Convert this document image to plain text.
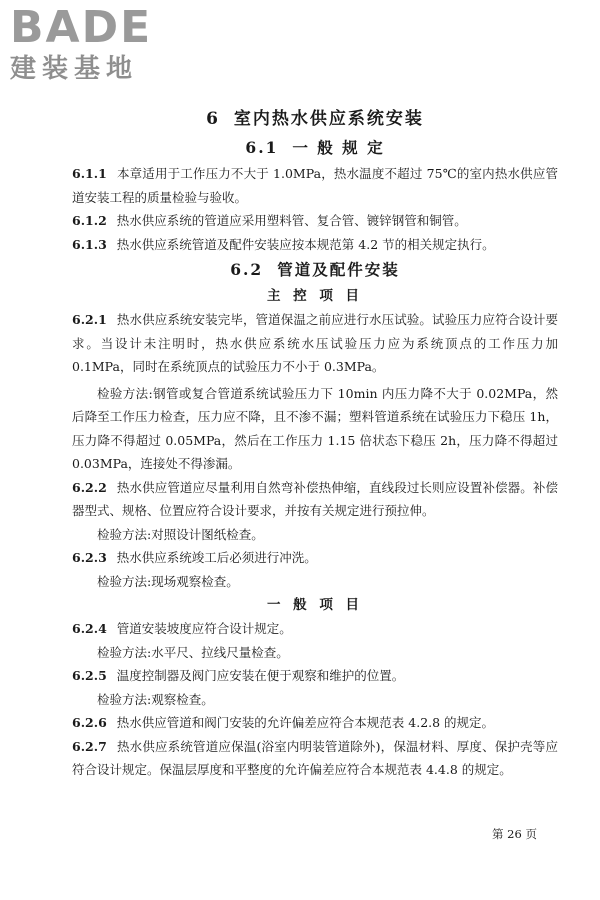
BADE
建装基地
6 室内热水供应系统安装
6.1 一 般 规 定

6.1.1 本章适用于工作压力不大于 1.0MPa，热水温度不超过 75℃的室内热水供应管道安装工程的质量检验与验收。

6.1.2 热水供应系统的管道应采用塑料管、复合管、镀锌钢管和铜管。

6.1.3 热水供应系统管道及配件安装应按本规范第 4.2 节的相关规定执行。

6.2 管道及配件安装
主 控 项 目

6.2.1 热水供应系统安装完毕，管道保温之前应进行水压试验。试验压力应符合设计要求。当设计未注明时，热水供应系统水压试验压力应为系统顶点的工作压力加 0.1MPa，同时在系统顶点的试验压力不小于 0.3MPa。

检验方法:钢管或复合管道系统试验压力下 10min 内压力降不大于 0.02MPa，然后降至工作压力检查，压力应不降，且不渗不漏；塑料管道系统在试验压力下稳压 1h，压力降不得超过 0.05MPa，然后在工作压力 1.15 倍状态下稳压 2h，压力降不得超过 0.03MPa，连接处不得渗漏。

6.2.2 热水供应管道应尽量利用自然弯补偿热伸缩，直线段过长则应设置补偿器。补偿器型式、规格、位置应符合设计要求，并按有关规定进行预拉伸。

检验方法:对照设计图纸检查。

6.2.3 热水供应系统竣工后必须进行冲洗。

检验方法:现场观察检查。

一 般 项 目

6.2.4 管道安装坡度应符合设计规定。

检验方法:水平尺、拉线尺量检查。

6.2.5 温度控制器及阀门应安装在便于观察和维护的位置。

检验方法:观察检查。

6.2.6 热水供应管道和阀门安装的允许偏差应符合本规范表 4.2.8 的规定。

6.2.7 热水供应系统管道应保温(浴室内明装管道除外)，保温材料、厚度、保护壳等应符合设计规定。保温层厚度和平整度的允许偏差应符合本规范表 4.4.8 的规定。

第 26 页
